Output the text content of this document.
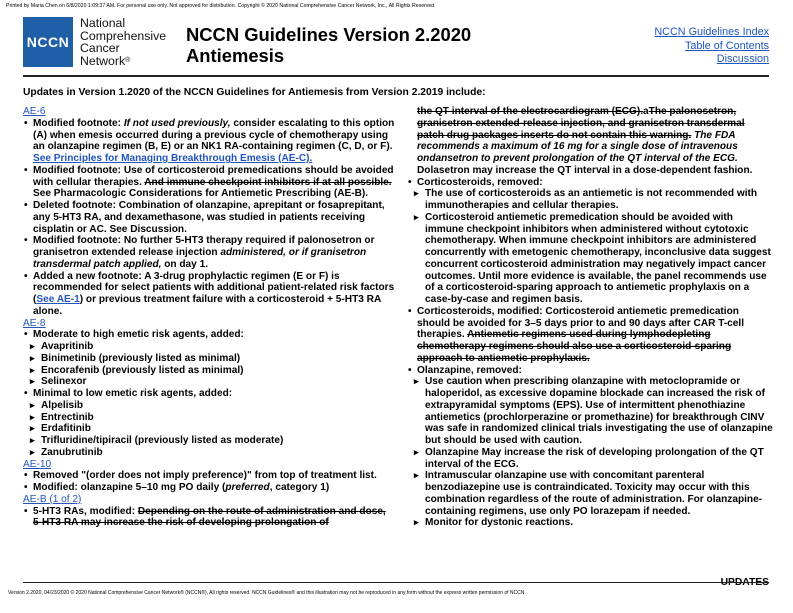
Printed by Maria Chen on 6/8/2020 1:09:37 AM. For personal use only. Not approved for distribution. Copyright © 2020 National Comprehensive Cancer Network, Inc., All Rights Reserved.
NCCN
National
Comprehensive
Cancer
Network®
NCCN Guidelines Version 2.2020
Antiemesis
NCCN Guidelines Index
Table of Contents
Discussion
Updates in Version 1.2020 of the NCCN Guidelines for Antiemesis from Version 2.2019 include:
AE-6

• Modified footnote: If not used previously, consider escalating to this option (A) when emesis occurred during a previous cycle of chemotherapy using an olanzapine regimen (B, E) or an NK1 RA-containing regimen (C, D, or F). See Principles for Managing Breakthrough Emesis (AE-C).

• Modified footnote: Use of corticosteroid premedications should be avoided with cellular therapies. And immune checkpoint inhibitors if at all possible. See Pharmacologic Considerations for Antiemetic Prescribing (AE-B).

• Deleted footnote: Combination of olanzapine, aprepitant or fosaprepitant, any 5-HT3 RA, and dexamethasone, was studied in patients receiving cisplatin or AC. See Discussion.

• Modified footnote: No further 5-HT3 therapy required if palonosetron or granisetron extended release injection administered, or if granisetron transdermal patch applied, on day 1.

• Added a new footnote: A 3-drug prophylactic regimen (E or F) is recommended for select patients with additional patient-related risk factors (See AE-1) or previous treatment failure with a corticosteroid + 5-HT3 RA alone.

AE-8

• Moderate to high emetic risk agents, added:

▸ Avapritinib

▸ Binimetinib (previously listed as minimal)

▸ Encorafenib (previously listed as minimal)

▸ Selinexor

• Minimal to low emetic risk agents, added:

▸ Alpelisib

▸ Entrectinib

▸ Erdafitinib

▸ Trifluridine/tipiracil (previously listed as moderate)

▸ Zanubrutinib

AE-10

• Removed "(order does not imply preference)" from top of treatment list.

• Modified: olanzapine 5–10 mg PO daily (preferred, category 1)

AE-B (1 of 2)

• 5-HT3 RAs, modified: Depending on the route of administration and dose, 5-HT3 RA may increase the risk of developing prolongation of

the QT interval of the electrocardiogram (ECG).aThe palonosetron, granisetron extended-release injection, and granisetron transdermal patch drug packages inserts do not contain this warning. The FDA recommends a maximum of 16 mg for a single dose of intravenous ondansetron to prevent prolongation of the QT interval of the ECG. Dolasetron may increase the QT interval in a dose-dependent fashion.

• Corticosteroids, removed:

▸ The use of corticosteroids as an antiemetic is not recommended with immunotherapies and cellular therapies.

▸ Corticosteroid antiemetic premedication should be avoided with immune checkpoint inhibitors when administered without cytotoxic chemotherapy. When immune checkpoint inhibitors are administered concurrently with emetogenic chemotherapy, inconclusive data suggest concurrent corticosteroid administration may negatively impact cancer outcomes. Until more evidence is available, the panel recommends use of a corticosteroid-sparing approach to antiemetic prophylaxis on a case-by-case and regimen basis.

• Corticosteroids, modified: Corticosteroid antiemetic premedication should be avoided for 3–5 days prior to and 90 days after CAR T-cell therapies. Antiemetic regimens used during lymphodepleting chemotherapy regimens should also use a corticosteroid-sparing approach to antiemetic prophylaxis.

• Olanzapine, removed:

▸ Use caution when prescribing olanzapine with metoclopramide or haloperidol, as excessive dopamine blockade can increased the risk of extrapyramidal symptoms (EPS). Use of intermittent phenothiazine antiemetics (prochlorperazine or promethazine) for breakthrough CINV was safe in randomized clinical trials investigating the use of olanzapine but should be used with caution.

▸ Olanzapine May increase the risk of developing prolongation of the QT interval of the ECG.

▸ Intramuscular olanzapine use with concomitant parenteral benzodiazepine use is contraindicated. Toxicity may occur with this combination regardless of the route of administration. For olanzapine-containing regimens, use only PO lorazepam if needed.

▸ Monitor for dystonic reactions.

UPDATES
Version 2.2020, 04/23/2020 © 2020 National Comprehensive Cancer Network® (NCCN®), All rights reserved. NCCN Guidelines® and this illustration may not be reproduced in any form without the express written permission of NCCN.
